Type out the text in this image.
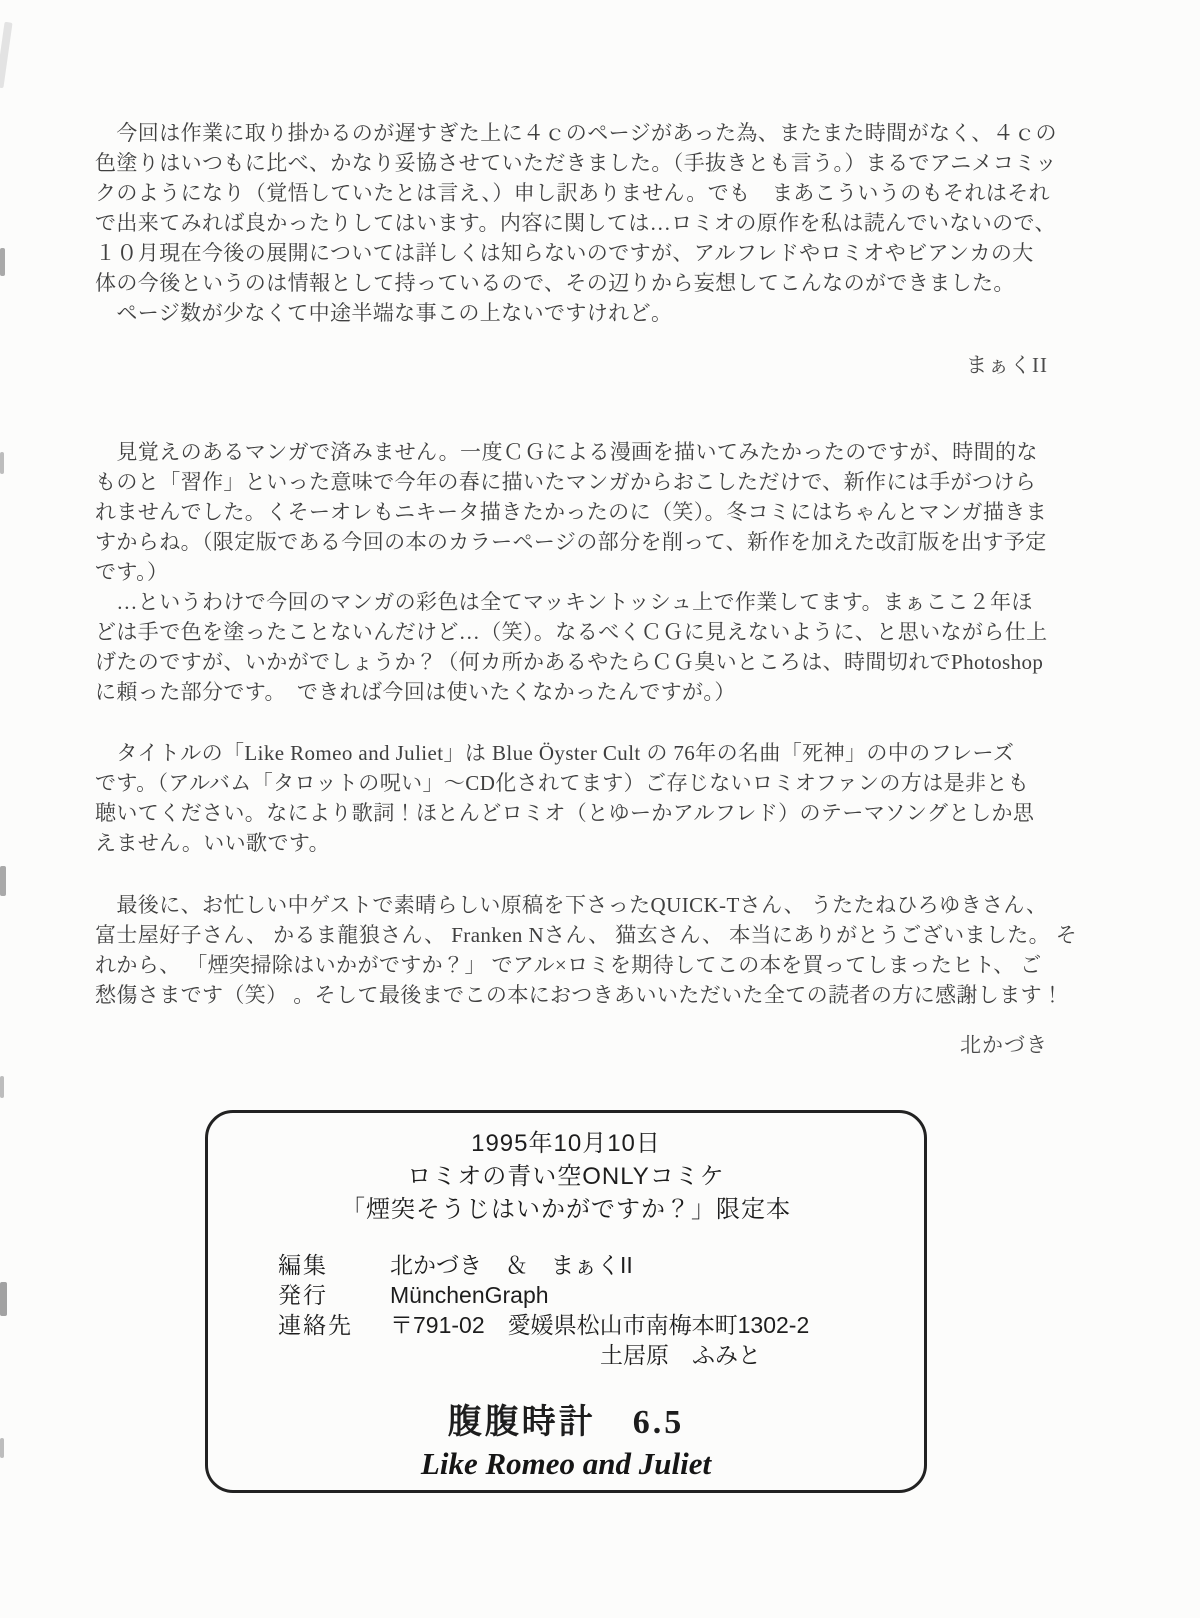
　今回は作業に取り掛かるのが遅すぎた上に４ｃのページがあった為、またまた時間がなく、４ｃの
色塗りはいつもに比べ、かなり妥協させていただきました。（手抜きとも言う。）まるでアニメコミッ
クのようになり（覚悟していたとは言え、）申し訳ありません。でも　まあこういうのもそれはそれ
で出来てみれば良かったりしてはいます。内容に関しては…ロミオの原作を私は読んでいないので、
１０月現在今後の展開については詳しくは知らないのですが、アルフレドやロミオやビアンカの大
体の今後というのは情報として持っているので、その辺りから妄想してこんなのができました。
　ページ数が少なくて中途半端な事この上ないですけれど。
まぁくII
　見覚えのあるマンガで済みません。一度ＣＧによる漫画を描いてみたかったのですが、時間的な
ものと「習作」といった意味で今年の春に描いたマンガからおこしただけで、新作には手がつけら
れませんでした。くそーオレもニキータ描きたかったのに（笑）。冬コミにはちゃんとマンガ描きま
すからね。（限定版である今回の本のカラーページの部分を削って、新作を加えた改訂版を出す予定
です。）
　…というわけで今回のマンガの彩色は全てマッキントッシュ上で作業してます。まぁここ２年ほ
どは手で色を塗ったことないんだけど…（笑）。なるべくＣＧに見えないように、と思いながら仕上
げたのですが、いかがでしょうか？（何カ所かあるやたらＣＧ臭いところは、時間切れでPhotoshop
に頼った部分です。　できれば今回は使いたくなかったんですが。）
　タイトルの「Like Romeo and Juliet」は Blue Öyster Cult の 76年の名曲「死神」の中のフレーズ
です。（アルバム「タロットの呪い」～CD化されてます）ご存じないロミオファンの方は是非とも
聴いてください。なにより歌詞！ほとんどロミオ（とゆーかアルフレド）のテーマソングとしか思
えません。いい歌です。
　最後に、お忙しい中ゲストで素晴らしい原稿を下さったQUICK-Tさん、 うたたねひろゆきさん、
富士屋好子さん、 かるま龍狼さん、 Franken Nさん、 猫玄さん、 本当にありがとうございました。 そ
れから、 「煙突掃除はいかがですか？」 でアル×ロミを期待してこの本を買ってしまったヒト、 ご
愁傷さまです（笑） 。そして最後までこの本におつきあいいただいた全ての読者の方に感謝します！
北かづき
1995年10月10日
ロミオの青い空ONLYコミケ
「煙突そうじはいかがですか？」限定本
編集	北かづき　＆　まぁくII
発行	MünchenGraph
連絡先 〒791-02　愛媛県松山市南梅本町1302-2
土居原　ふみと
腹腹時計　6.5
Like Romeo and Juliet
